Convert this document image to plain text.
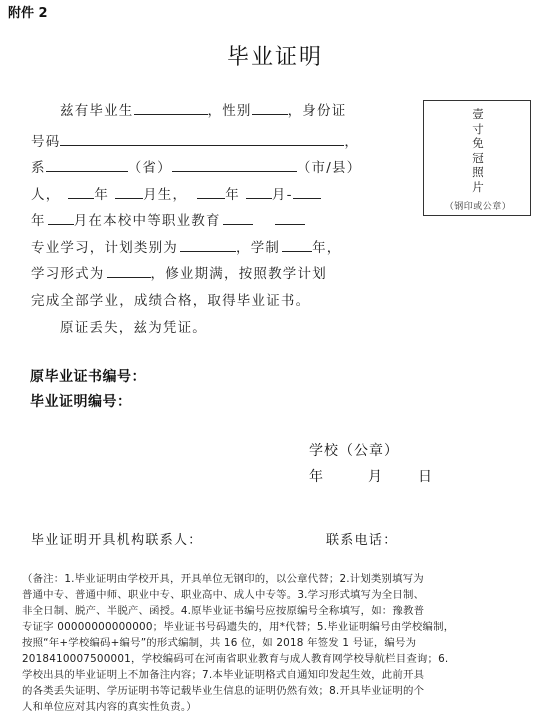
附件 2
毕业证明
兹有毕业生	，性别	，身份证
号码	，
系	（省）	（市/县）
人，	年	月生，	年 月-
年 月在本校中等职业教育
专业学习，计划类别为	，学制 年，
学习形式为	，修业期满，按照教学计划
完成全部学业，成绩合格，取得毕业证书。
原证丢失，兹为凭证。
壹
寸
免
冠
照
片
（钢印或公章）
原毕业证书编号：
毕业证明编号：
学校（公章）
年	月	日
毕业证明开具机构联系人：	联系电话：
（备注：1.毕业证明由学校开具，开具单位无钢印的，以公章代替；2.计划类别填写为
普通中专、普通中师、职业中专、职业高中、成人中专等。3.学习形式填写为全日制、
非全日制、脱产、半脱产、函授。4.原毕业证书编号应按原编号全称填写，如：豫教普
专证字 00000000000000；毕业证书号码遗失的，用*代替；5.毕业证明编号由学校编制，
按照“年+学校编码+编号”的形式编制，共 16 位，如 2018 年签发 1 号证，编号为
2018410007500001，学校编码可在河南省职业教育与成人教育网学校导航栏目查询；6.
学校出具的毕业证明上不加备注内容；7.本毕业证明格式自通知印发起生效，此前开具
的各类丢失证明、学历证明书等记载毕业生信息的证明仍然有效；8.开具毕业证明的个
人和单位应对其内容的真实性负责。）
